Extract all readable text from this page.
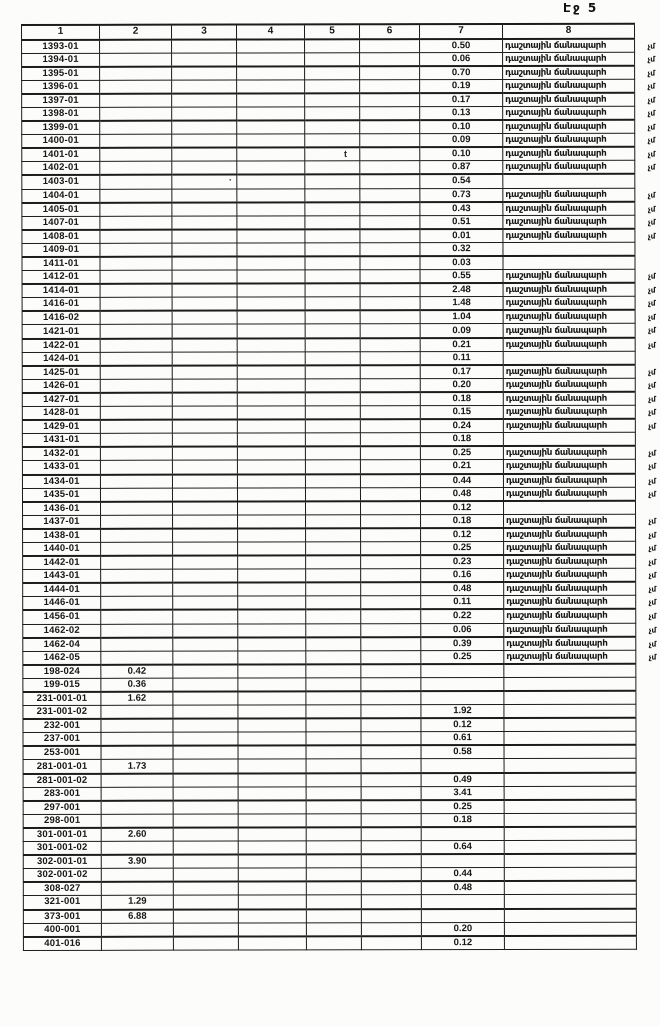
Էջ 5
1	2	3	4	5	6	7	8
1393-01						0.50	դաշտային ճանապարհ չմ

1394-01						0.06	դաշտային ճանապարհ չմ

1395-01						0.70	դաշտային ճանապարհ չմ

1396-01						0.19	դաշտային ճանապարհ չմ

1397-01						0.17	դաշտային ճանապարհ չմ

1398-01						0.13	դաշտային ճանապարհ չմ

1399-01						0.10	դաշտային ճանապարհ չմ

1400-01						0.09	դաշտային ճանապարհ չմ

1401-01						0.10	դաշտային ճանապարհ չմ

1402-01						0.87	դաշտային ճանապարհ չմ

1403-01						0.54	
1404-01						0.73	դաշտային ճանապարհ չմ

1405-01						0.43	դաշտային ճանապարհ չմ

1407-01						0.51	դաշտային ճանապարհ չմ

1408-01						0.01	դաշտային ճանապարհ չմ

1409-01						0.32	
1411-01						0.03	
1412-01						0.55	դաշտային ճանապարհ չմ

1414-01						2.48	դաշտային ճանապարհ չմ

1416-01						1.48	դաշտային ճանապարհ չմ

1416-02						1.04	դաշտային ճանապարհ չմ

1421-01						0.09	դաշտային ճանապարհ չմ

1422-01						0.21	դաշտային ճանապարհ չմ

1424-01						0.11	
1425-01						0.17	դաշտային ճանապարհ չմ

1426-01						0.20	դաշտային ճանապարհ չմ

1427-01						0.18	դաշտային ճանապարհ չմ

1428-01						0.15	դաշտային ճանապարհ չմ

1429-01						0.24	դաշտային ճանապարհ չմ

1431-01						0.18	
1432-01						0.25	դաշտային ճանապարհ չմ

1433-01						0.21	դաշտային ճանապարհ չմ

1434-01						0.44	դաշտային ճանապարհ չմ

1435-01						0.48	դաշտային ճանապարհ չմ

1436-01						0.12	
1437-01						0.18	դաշտային ճանապարհ չմ

1438-01						0.12	դաշտային ճանապարհ չմ

1440-01						0.25	դաշտային ճանապարհ չմ

1442-01						0.23	դաշտային ճանապարհ չմ

1443-01						0.16	դաշտային ճանապարհ չմ

1444-01						0.48	դաշտային ճանապարհ չմ

1446-01						0.11	դաշտային ճանապարհ չմ

1456-01						0.22	դաշտային ճանապարհ չմ

1462-02						0.06	դաշտային ճանապարհ չմ

1462-04						0.39	դաշտային ճանապարհ չմ

1462-05						0.25	դաշտային ճանապարհ չմ

198-024	0.42						
199-015	0.36						
231-001-01	1.62						
231-001-02						1.92	
232-001						0.12	
237-001						0.61	
253-001						0.58	
281-001-01	1.73						
281-001-02						0.49	
283-001						3.41	
297-001						0.25	
298-001						0.18	
301-001-01	2.60						
301-001-02						0.64	
302-001-01	3.90						
302-001-02						0.44	
308-027						0.48	
321-001	1.29						
373-001	6.88						
400-001						0.20	
401-016						0.12	
t
·
